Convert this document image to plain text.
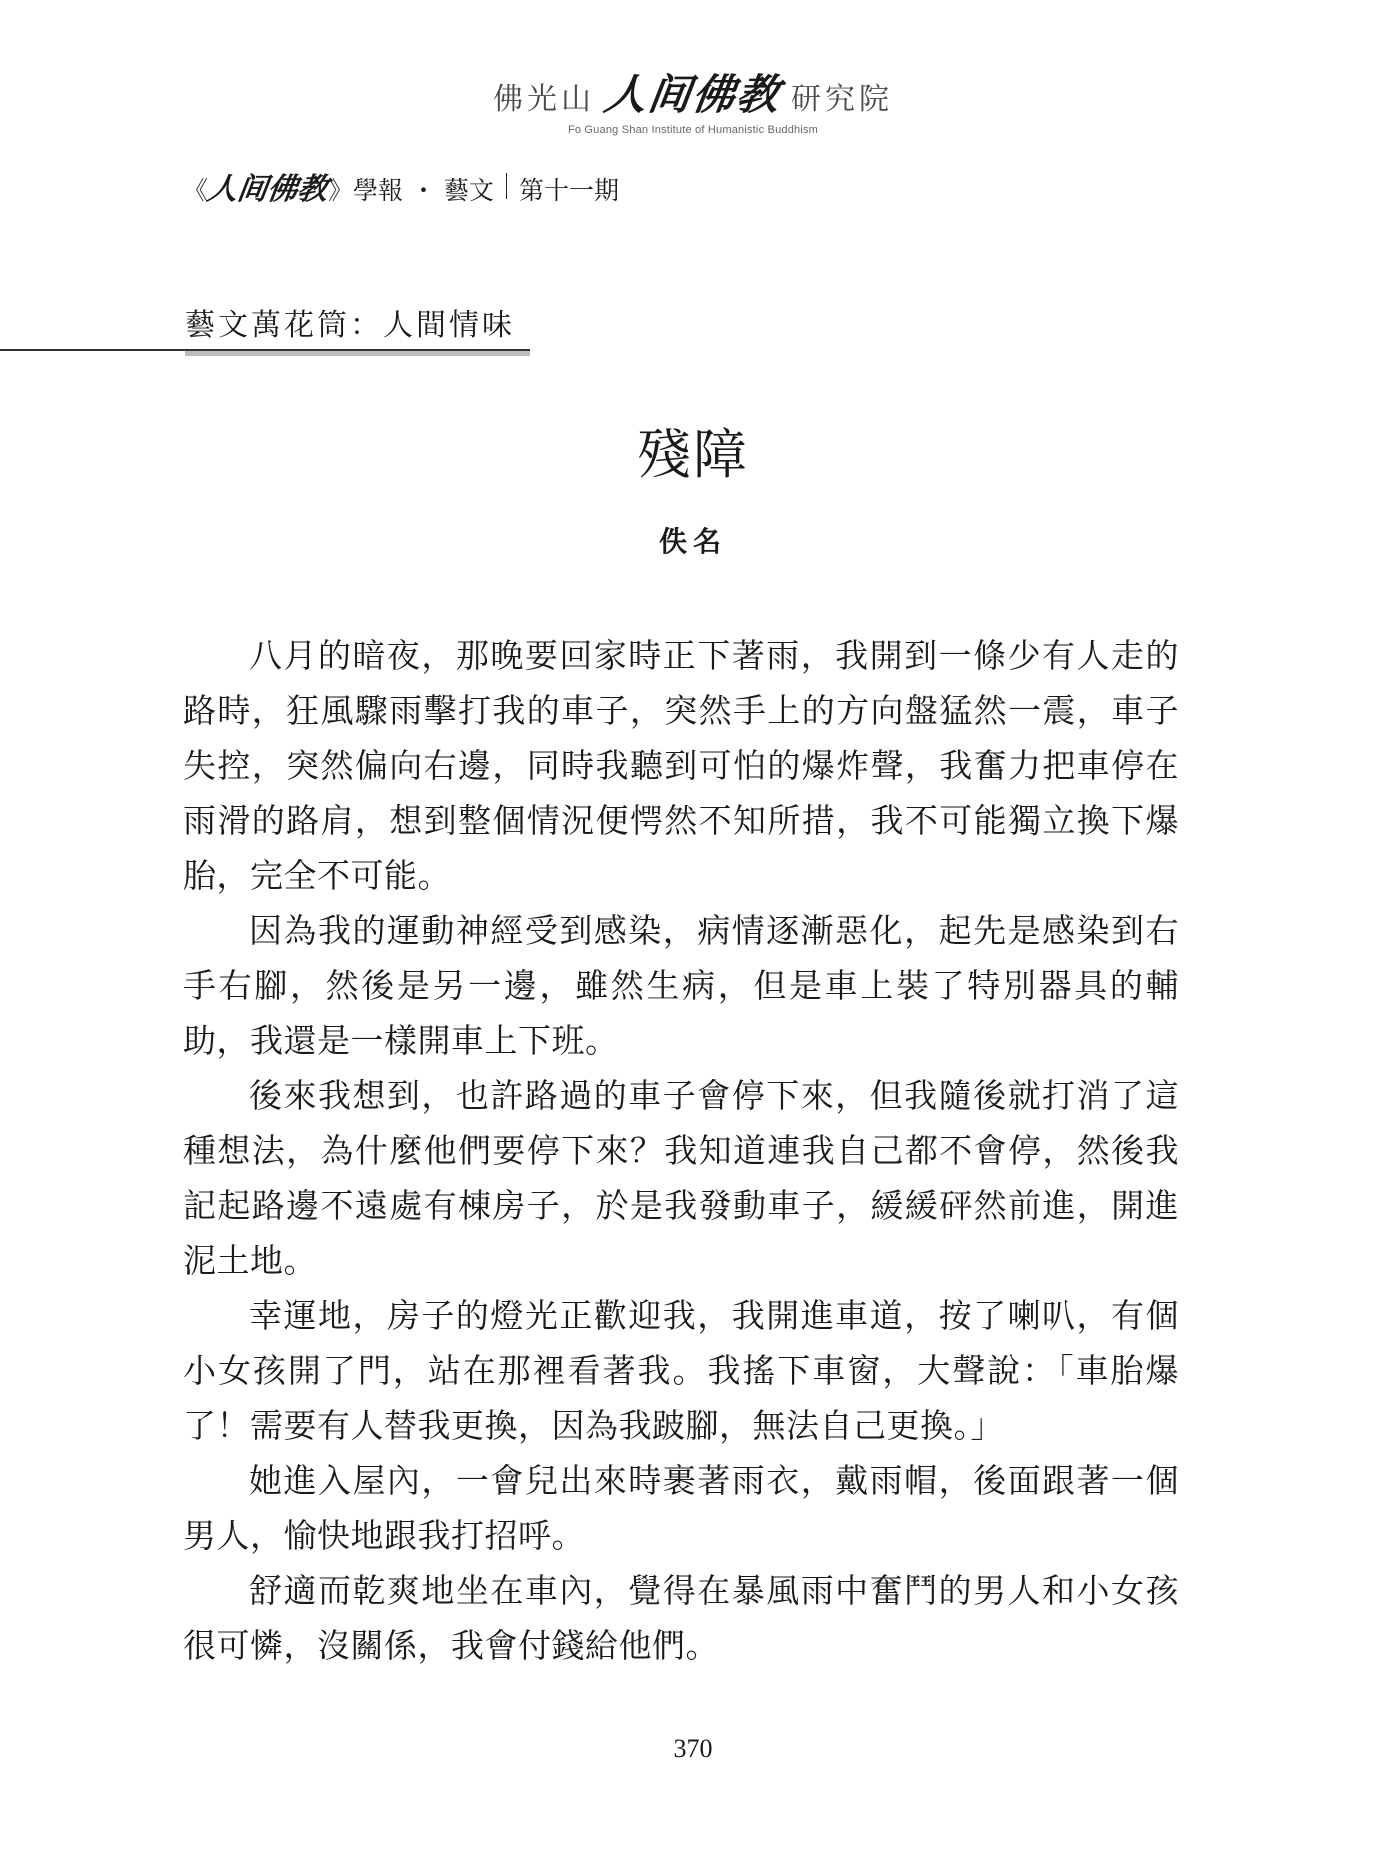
佛光山 人间佛教 研究院
Fo Guang Shan Institute of Humanistic Buddhism
《
人间佛教
》 學報 ・ 藝文 第十一期
藝文萬花筒：人間情味
殘障
佚名

八月的暗夜，那晚要回家時正下著雨，我開到一條少有人走的路時，狂風驟雨擊打我的車子，突然手上的方向盤猛然一震，車子失控，突然偏向右邊，同時我聽到可怕的爆炸聲，我奮力把車停在雨滑的路肩，想到整個情況便愕然不知所措，我不可能獨立換下爆胎，完全不可能。

因為我的運動神經受到感染，病情逐漸惡化，起先是感染到右手右腳，然後是另一邊，雖然生病，但是車上裝了特別器具的輔助，我還是一樣開車上下班。

後來我想到，也許路過的車子會停下來，但我隨後就打消了這種想法，為什麼他們要停下來？我知道連我自己都不會停，然後我記起路邊不遠處有棟房子，於是我發動車子，緩緩砰然前進，開進泥土地。

幸運地，房子的燈光正歡迎我，我開進車道，按了喇叭，有個小女孩開了門，站在那裡看著我。我搖下車窗，大聲說：「車胎爆了！需要有人替我更換，因為我跛腳，無法自己更換。」

她進入屋內，一會兒出來時裹著雨衣，戴雨帽，後面跟著一個男人，愉快地跟我打招呼。

舒適而乾爽地坐在車內，覺得在暴風雨中奮鬥的男人和小女孩很可憐，沒關係，我會付錢給他們。

370
